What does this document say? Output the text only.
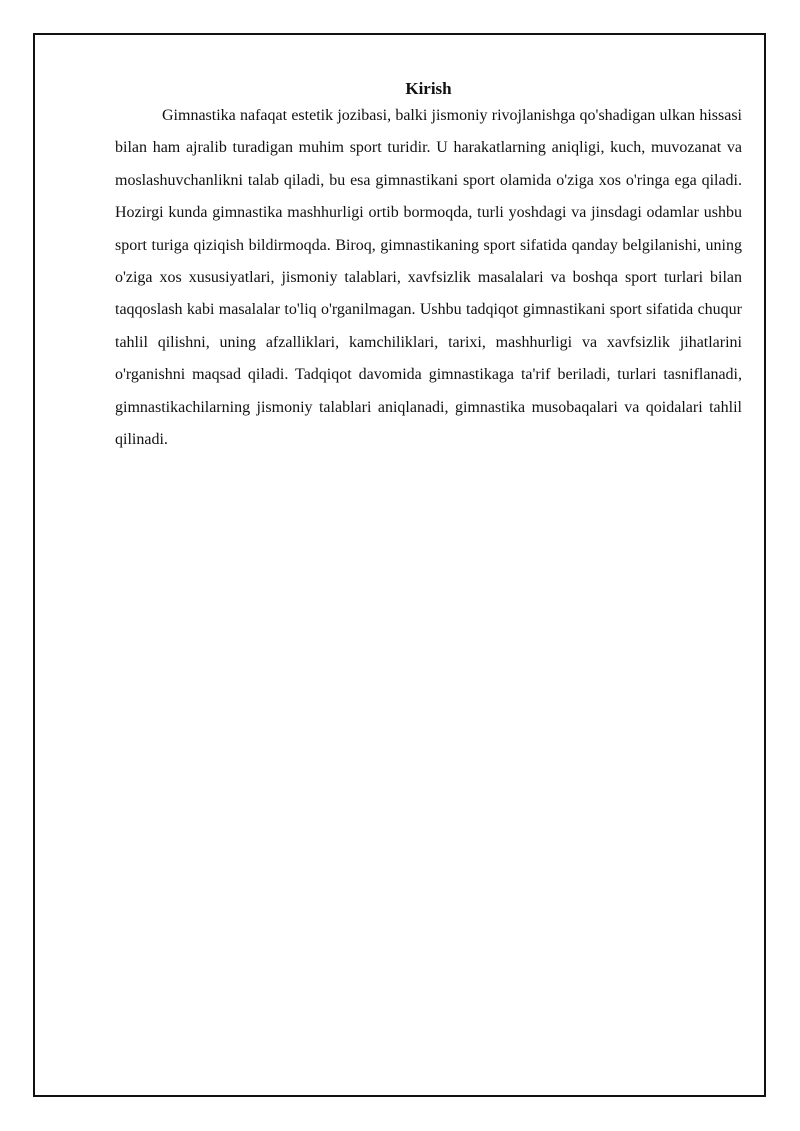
Kirish

Gimnastika nafaqat estetik jozibasi, balki jismoniy rivojlanishga qo'shadigan ulkan hissasi bilan ham ajralib turadigan muhim sport turidir. U harakatlarning aniqligi, kuch, muvozanat va moslashuvchanlikni talab qiladi, bu esa gimnastikani sport olamida o'ziga xos o'ringa ega qiladi. Hozirgi kunda gimnastika mashhurligi ortib bormoqda, turli yoshdagi va jinsdagi odamlar ushbu sport turiga qiziqish bildirmoqda. Biroq, gimnastikaning sport sifatida qanday belgilanishi, uning o'ziga xos xususiyatlari, jismoniy talablari, xavfsizlik masalalari va boshqa sport turlari bilan taqqoslash kabi masalalar to'liq o'rganilmagan. Ushbu tadqiqot gimnastikani sport sifatida chuqur tahlil qilishni, uning afzalliklari, kamchiliklari, tarixi, mashhurligi va xavfsizlik jihatlarini o'rganishni maqsad qiladi. Tadqiqot davomida gimnastikaga ta'rif beriladi, turlari tasniflanadi, gimnastikachilarning jismoniy talablari aniqlanadi, gimnastika musobaqalari va qoidalari tahlil qilinadi.
